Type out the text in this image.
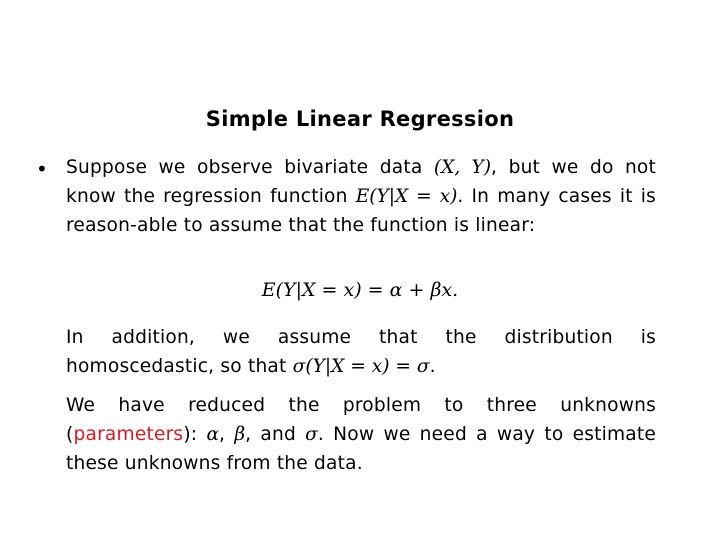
Simple Linear Regression
• Suppose we observe bivariate data (X, Y), but we do not know the regression function E(Y|X = x). In many cases it is reason-able to assume that the function is linear:
E(Y|X = x) = α + βx.
In addition, we assume that the distribution is homoscedastic, so that σ(Y|X = x) = σ.
We have reduced the problem to three unknowns (parameters): α, β, and σ. Now we need a way to estimate these unknowns from the data.
